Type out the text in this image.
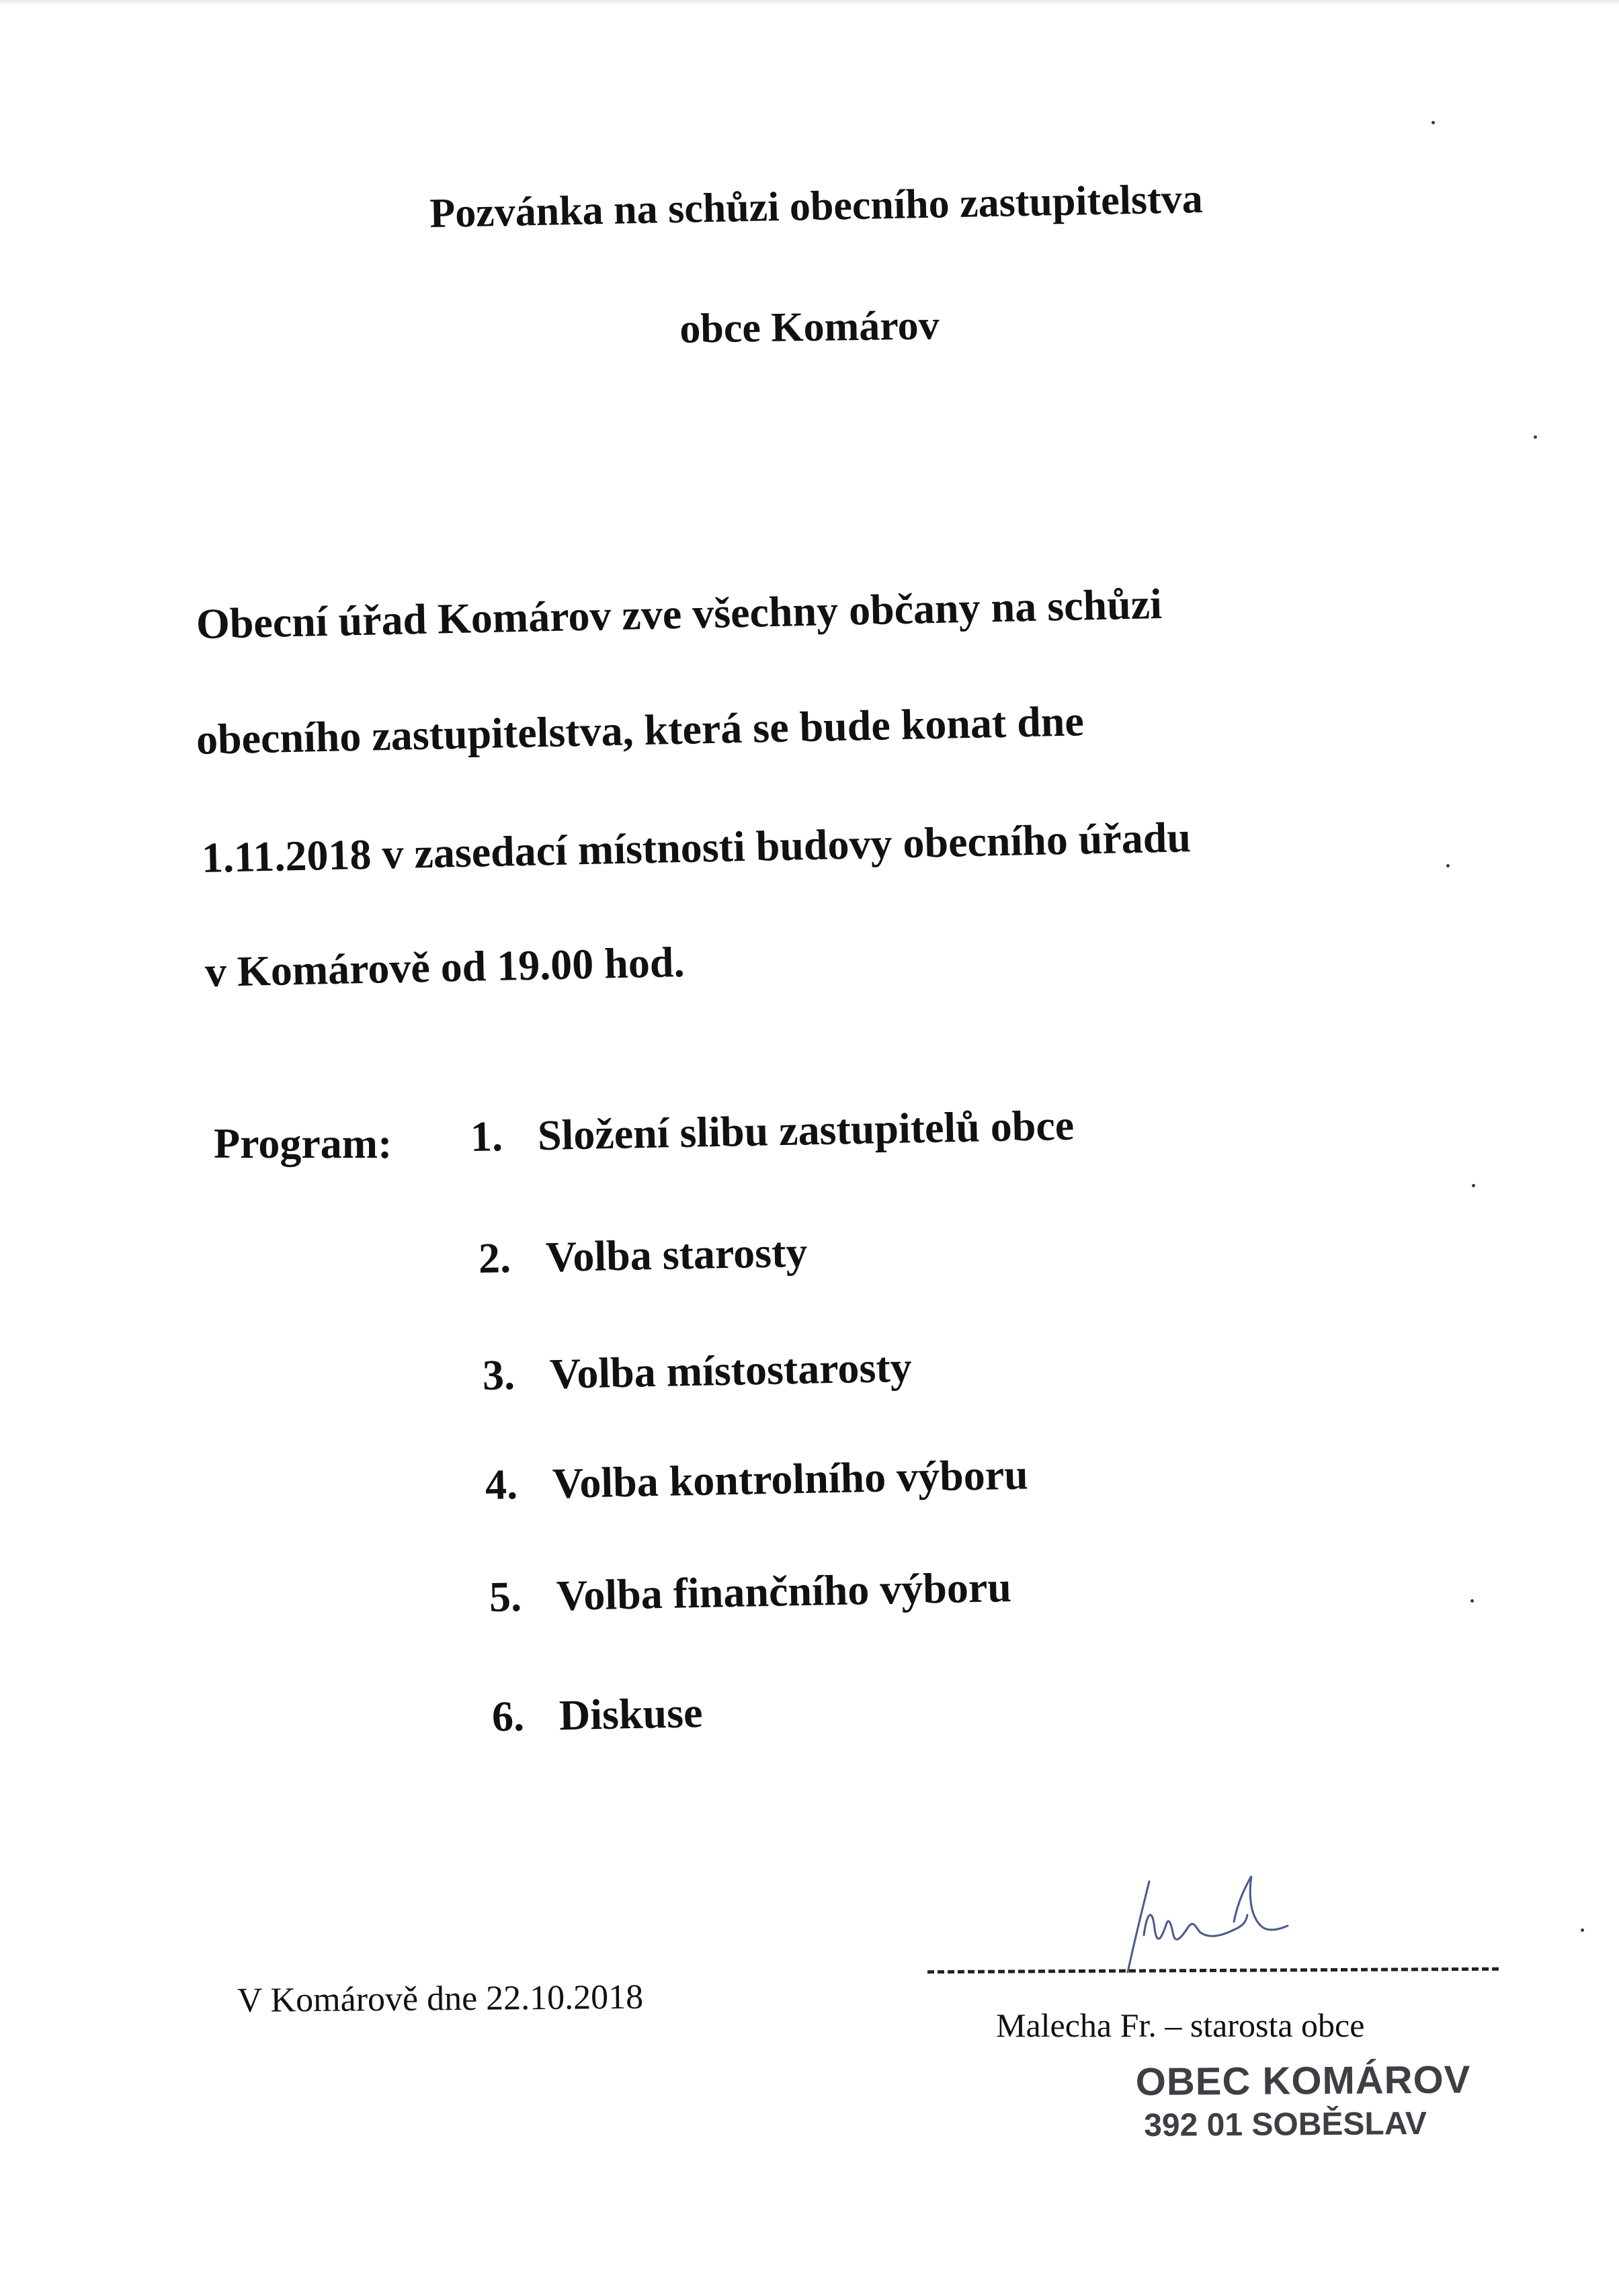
Pozvánka na schůzi obecního zastupitelstva
obce Komárov
Obecní úřad Komárov zve všechny občany na schůzi
obecního zastupitelstva, která se bude konat dne
1.11.2018 v zasedací místnosti budovy obecního úřadu
v Komárově od 19.00 hod.
Program: 1. Složení slibu zastupitelů obce
2. Volba starosty
3. Volba místostarosty
4. Volba kontrolního výboru
5. Volba finančního výboru
6. Diskuse
V Komárově dne 22.10.2018
Malecha Fr. – starosta obce
OBEC KOMÁROV
392 01 SOBĚSLAV
